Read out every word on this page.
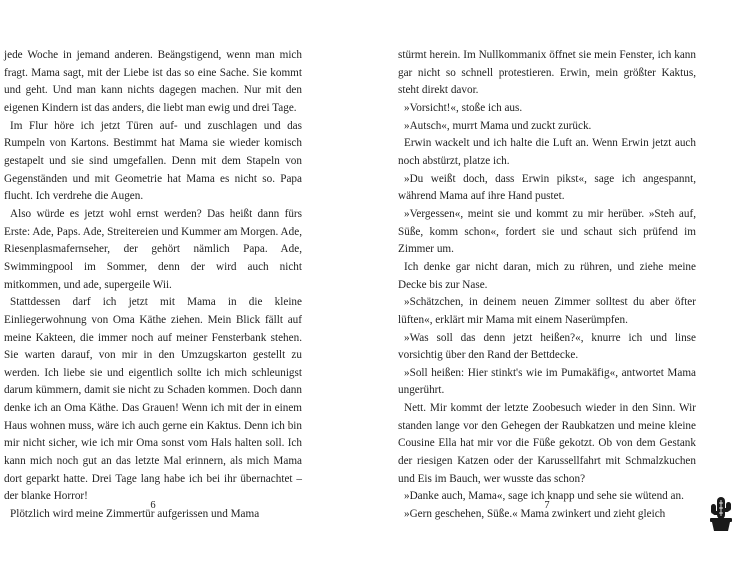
jede Woche in jemand anderen. Beängstigend, wenn man mich fragt. Mama sagt, mit der Liebe ist das so eine Sache. Sie kommt und geht. Und man kann nichts dagegen machen. Nur mit den eigenen Kindern ist das anders, die liebt man ewig und drei Tage.

Im Flur höre ich jetzt Türen auf- und zuschlagen und das Rumpeln von Kartons. Bestimmt hat Mama sie wieder komisch gestapelt und sie sind umgefallen. Denn mit dem Stapeln von Gegenständen und mit Geometrie hat Mama es nicht so. Papa flucht. Ich verdrehe die Augen.

Also würde es jetzt wohl ernst werden? Das heißt dann fürs Erste: Ade, Paps. Ade, Streitereien und Kummer am Morgen. Ade, Riesenplasmafernseher, der gehört nämlich Papa. Ade, Swimmingpool im Sommer, denn der wird auch nicht mitkommen, und ade, supergeile Wii.

Stattdessen darf ich jetzt mit Mama in die kleine Einliegerwohnung von Oma Käthe ziehen. Mein Blick fällt auf meine Kakteen, die immer noch auf meiner Fensterbank stehen. Sie warten darauf, von mir in den Umzugskarton gestellt zu werden. Ich liebe sie und eigentlich sollte ich mich schleunigst darum kümmern, damit sie nicht zu Schaden kommen. Doch dann denke ich an Oma Käthe. Das Grauen! Wenn ich mit der in einem Haus wohnen muss, wäre ich auch gerne ein Kaktus. Denn ich bin mir nicht sicher, wie ich mir Oma sonst vom Hals halten soll. Ich kann mich noch gut an das letzte Mal erinnern, als mich Mama dort geparkt hatte. Drei Tage lang habe ich bei ihr übernachtet – der blanke Horror!

Plötzlich wird meine Zimmertür aufgerissen und Mama

stürmt herein. Im Nullkommanix öffnet sie mein Fenster, ich kann gar nicht so schnell protestieren. Erwin, mein größter Kaktus, steht direkt davor.

»Vorsicht!«, stoße ich aus.

»Autsch«, murrt Mama und zuckt zurück.

Erwin wackelt und ich halte die Luft an. Wenn Erwin jetzt auch noch abstürzt, platze ich.

»Du weißt doch, dass Erwin pikst«, sage ich angespannt, während Mama auf ihre Hand pustet.

»Vergessen«, meint sie und kommt zu mir herüber. »Steh auf, Süße, komm schon«, fordert sie und schaut sich prüfend im Zimmer um.

Ich denke gar nicht daran, mich zu rühren, und ziehe meine Decke bis zur Nase.

»Schätzchen, in deinem neuen Zimmer solltest du aber öfter lüften«, erklärt mir Mama mit einem Naserümpfen.

»Was soll das denn jetzt heißen?«, knurre ich und linse vorsichtig über den Rand der Bettdecke.

»Soll heißen: Hier stinkt's wie im Pumakäfig«, antwortet Mama ungerührt.

Nett. Mir kommt der letzte Zoobesuch wieder in den Sinn. Wir standen lange vor den Gehegen der Raubkatzen und meine kleine Cousine Ella hat mir vor die Füße gekotzt. Ob von dem Gestank der riesigen Katzen oder der Karussellfahrt mit Schmalzkuchen und Eis im Bauch, wer wusste das schon?

»Danke auch, Mama«, sage ich knapp und sehe sie wütend an.

»Gern geschehen, Süße.« Mama zwinkert und zieht gleich

6	7
